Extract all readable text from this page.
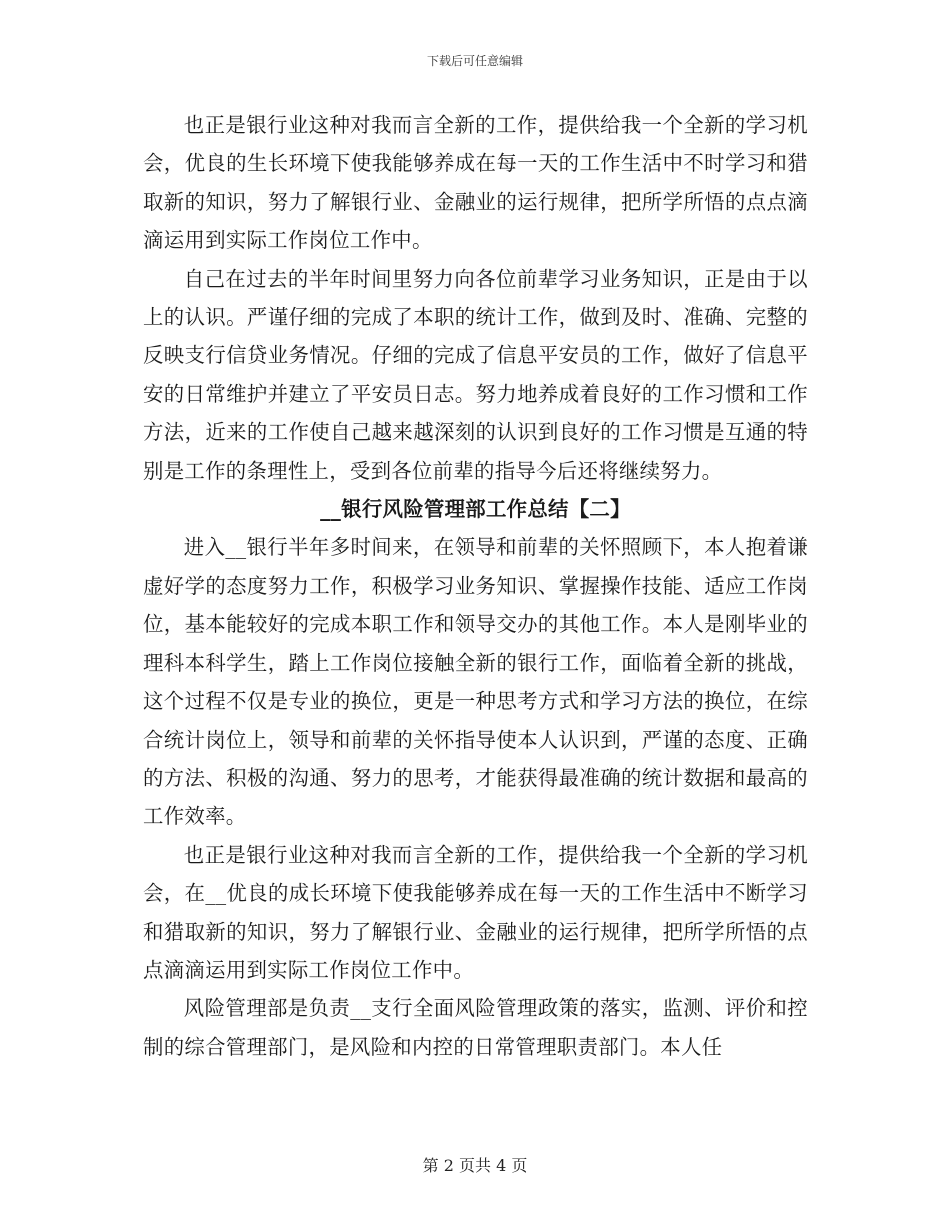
下载后可任意编辑

也正是银行业这种对我而言全新的工作，提供给我一个全新的学习机会，优良的生长环境下使我能够养成在每一天的工作生活中不时学习和猎取新的知识，努力了解银行业、金融业的运行规律，把所学所悟的点点滴滴运用到实际工作岗位工作中。

自己在过去的半年时间里努力向各位前辈学习业务知识，正是由于以上的认识。严谨仔细的完成了本职的统计工作，做到及时、准确、完整的反映支行信贷业务情况。仔细的完成了信息平安员的工作，做好了信息平安的日常维护并建立了平安员日志。努力地养成着良好的工作习惯和工作方法，近来的工作使自己越来越深刻的认识到良好的工作习惯是互通的特别是工作的条理性上，受到各位前辈的指导今后还将继续努力。

__银行风险管理部工作总结【二】

进入__银行半年多时间来，在领导和前辈的关怀照顾下，本人抱着谦虚好学的态度努力工作，积极学习业务知识、掌握操作技能、适应工作岗位，基本能较好的完成本职工作和领导交办的其他工作。本人是刚毕业的理科本科学生，踏上工作岗位接触全新的银行工作，面临着全新的挑战，这个过程不仅是专业的换位，更是一种思考方式和学习方法的换位，在综合统计岗位上，领导和前辈的关怀指导使本人认识到，严谨的态度、正确的方法、积极的沟通、努力的思考，才能获得最准确的统计数据和最高的工作效率。

也正是银行业这种对我而言全新的工作，提供给我一个全新的学习机会，在__优良的成长环境下使我能够养成在每一天的工作生活中不断学习和猎取新的知识，努力了解银行业、金融业的运行规律，把所学所悟的点点滴滴运用到实际工作岗位工作中。

风险管理部是负责__支行全面风险管理政策的落实，监测、评价和控制的综合管理部门，是风险和内控的日常管理职责部门。本人任

第 2 页共 4 页
